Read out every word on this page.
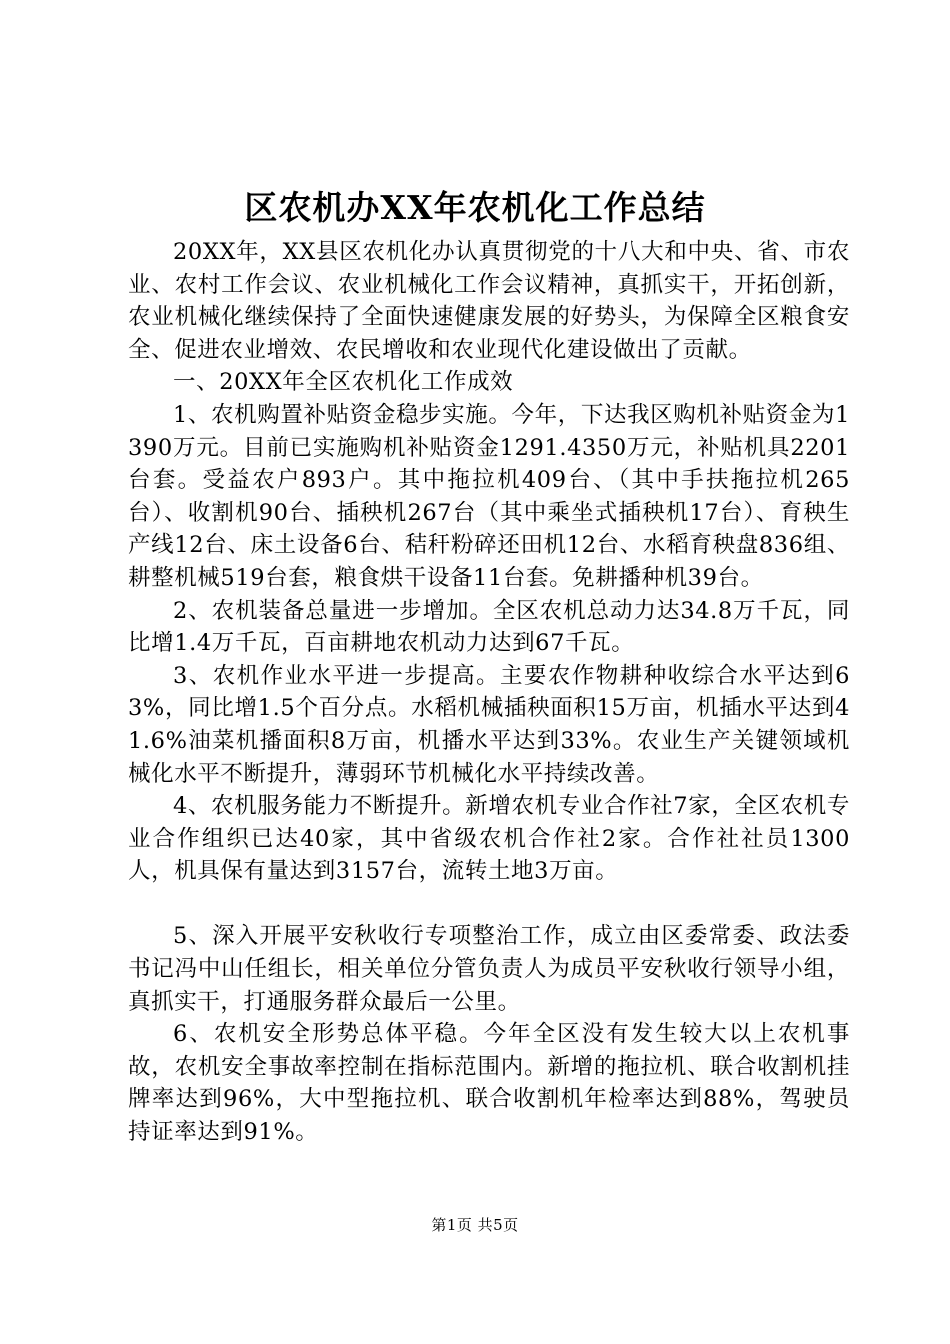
区农机办XX年农机化工作总结

20XX年，XX县区农机化办认真贯彻党的十八大和中央、省、市农业、农村工作会议、农业机械化工作会议精神，真抓实干，开拓创新，农业机械化继续保持了全面快速健康发展的好势头，为保障全区粮食安全、促进农业增效、农民增收和农业现代化建设做出了贡献。

一、20XX年全区农机化工作成效

1、农机购置补贴资金稳步实施。今年，下达我区购机补贴资金为1390万元。目前已实施购机补贴资金1291.4350万元，补贴机具2201台套。受益农户893户。其中拖拉机409台、（其中手扶拖拉机265台）、收割机90台、插秧机267台（其中乘坐式插秧机17台）、育秧生产线12台、床土设备6台、秸秆粉碎还田机12台、水稻育秧盘836组、耕整机械519台套，粮食烘干设备11台套。免耕播种机39台。

2、农机装备总量进一步增加。全区农机总动力达34.8万千瓦，同比增1.4万千瓦，百亩耕地农机动力达到67千瓦。

3、农机作业水平进一步提高。主要农作物耕种收综合水平达到63%，同比增1.5个百分点。水稻机械插秧面积15万亩，机插水平达到41.6%油菜机播面积8万亩，机播水平达到33%。农业生产关键领域机械化水平不断提升，薄弱环节机械化水平持续改善。

4、农机服务能力不断提升。新增农机专业合作社7家，全区农机专业合作组织已达40家，其中省级农机合作社2家。合作社社员1300人，机具保有量达到3157台，流转土地3万亩。

5、深入开展平安秋收行专项整治工作，成立由区委常委、政法委书记冯中山任组长，相关单位分管负责人为成员平安秋收行领导小组，真抓实干，打通服务群众最后一公里。

6、农机安全形势总体平稳。今年全区没有发生较大以上农机事故，农机安全事故率控制在指标范围内。新增的拖拉机、联合收割机挂牌率达到96%，大中型拖拉机、联合收割机年检率达到88%，驾驶员持证率达到91%。

第1页 共5页
